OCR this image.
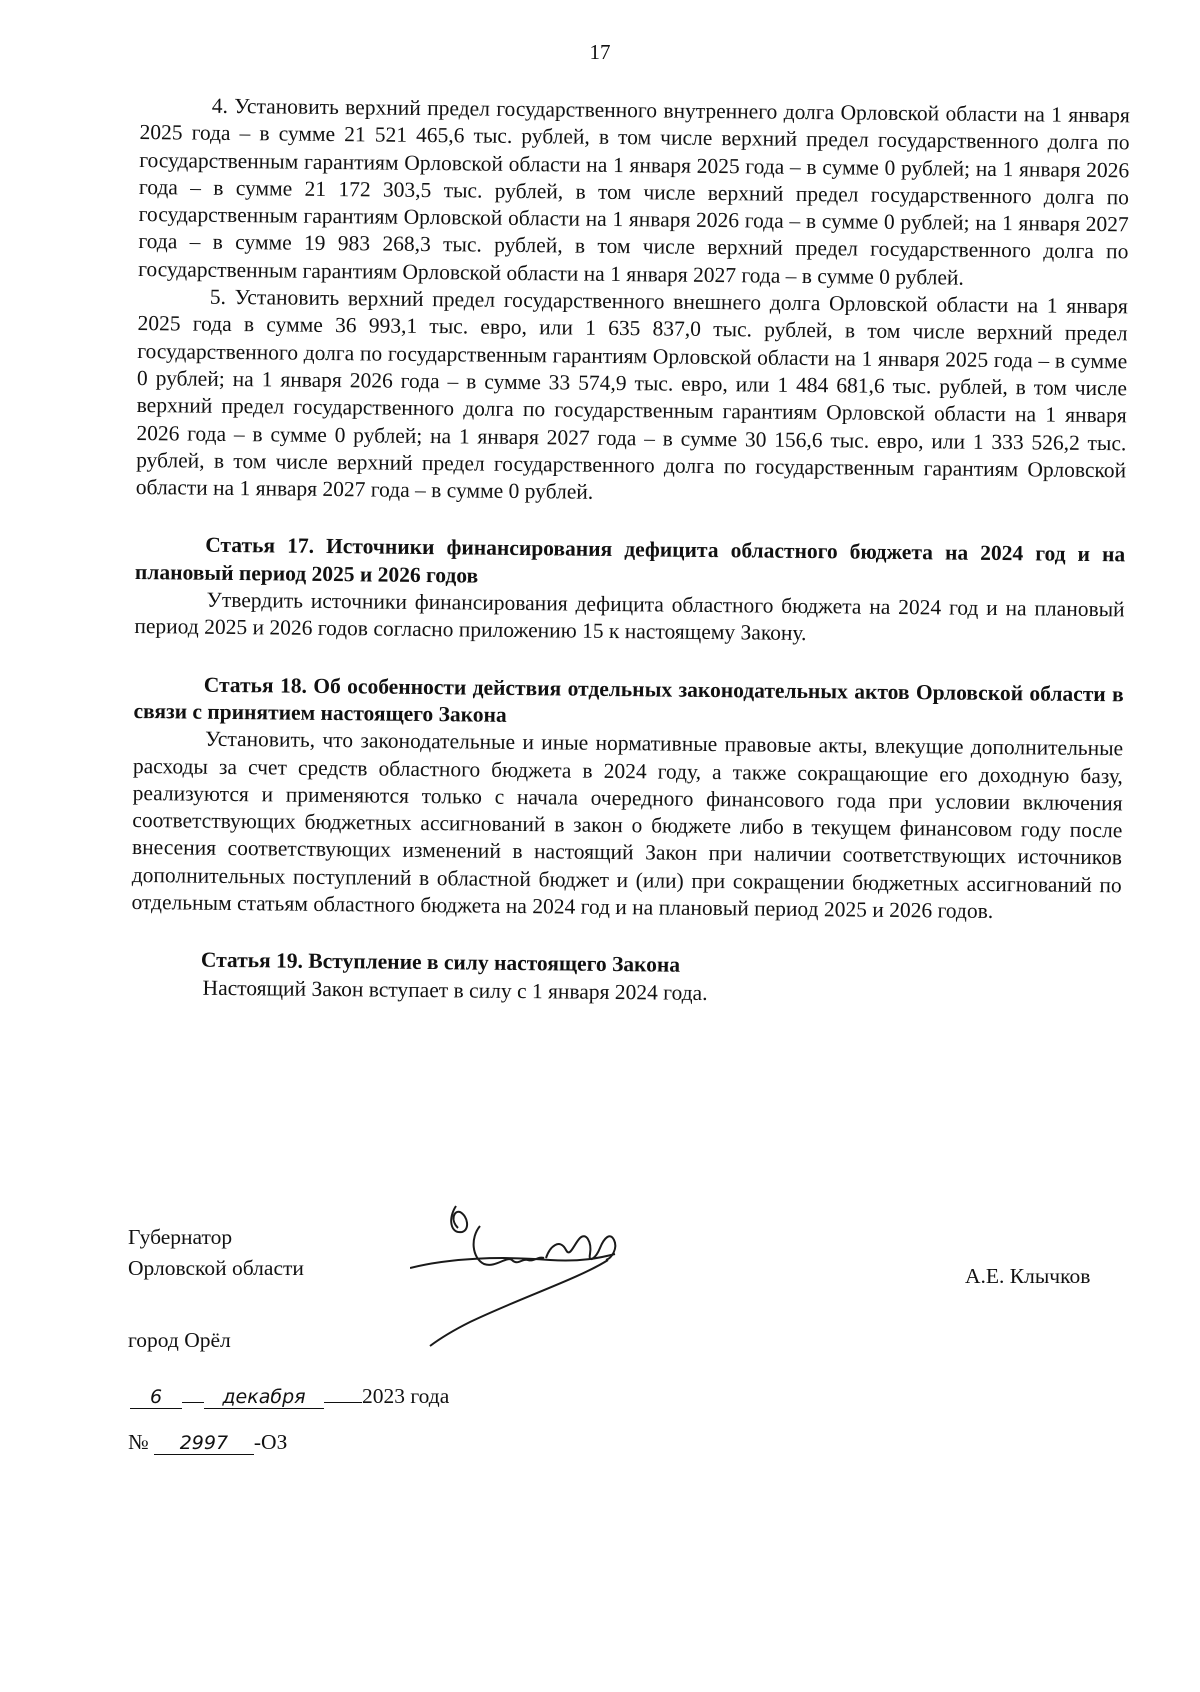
17

4. Установить верхний предел государственного внутреннего долга Орловской области на 1 января 2025 года – в сумме 21 521 465,6 тыс. рублей, в том числе верхний предел государственного долга по государственным гарантиям Орловской области на 1 января 2025 года – в сумме 0 рублей; на 1 января 2026 года – в сумме 21 172 303,5 тыс. рублей, в том числе верхний предел государственного долга по государственным гарантиям Орловской области на 1 января 2026 года – в сумме 0 рублей; на 1 января 2027 года – в сумме 19 983 268,3 тыс. рублей, в том числе верхний предел государственного долга по государственным гарантиям Орловской области на 1 января 2027 года – в сумме 0 рублей.

5. Установить верхний предел государственного внешнего долга Орловской области на 1 января 2025 года в сумме 36 993,1 тыс. евро, или 1 635 837,0 тыс. рублей, в том числе верхний предел государственного долга по государственным гарантиям Орловской области на 1 января 2025 года – в сумме 0 рублей; на 1 января 2026 года – в сумме 33 574,9 тыс. евро, или 1 484 681,6 тыс. рублей, в том числе верхний предел государственного долга по государственным гарантиям Орловской области на 1 января 2026 года – в сумме 0 рублей; на 1 января 2027 года – в сумме 30 156,6 тыс. евро, или 1 333 526,2 тыс. рублей, в том числе верхний предел государственного долга по государственным гарантиям Орловской области на 1 января 2027 года – в сумме 0 рублей.

Статья 17. Источники финансирования дефицита областного бюджета на 2024 год и на плановый период 2025 и 2026 годов

Утвердить источники финансирования дефицита областного бюджета на 2024 год и на плановый период 2025 и 2026 годов согласно приложению 15 к настоящему Закону.

Статья 18. Об особенности действия отдельных законодательных актов Орловской области в связи с принятием настоящего Закона

Установить, что законодательные и иные нормативные правовые акты, влекущие дополнительные расходы за счет средств областного бюджета в 2024 году, а также сокращающие его доходную базу, реализуются и применяются только с начала очередного финансового года при условии включения соответствующих бюджетных ассигнований в закон о бюджете либо в текущем финансовом году после внесения соответствующих изменений в настоящий Закон при наличии соответствующих источников дополнительных поступлений в областной бюджет и (или) при сокращении бюджетных ассигнований по отдельным статьям областного бюджета на 2024 год и на плановый период 2025 и 2026 годов.

Статья 19. Вступление в силу настоящего Закона

Настоящий Закон вступает в силу с 1 января 2024 года.

Губернатор
Орловской области	А.Е. Клычков
город Орёл
6	декабря	2023 года
№ 2997 -ОЗ
